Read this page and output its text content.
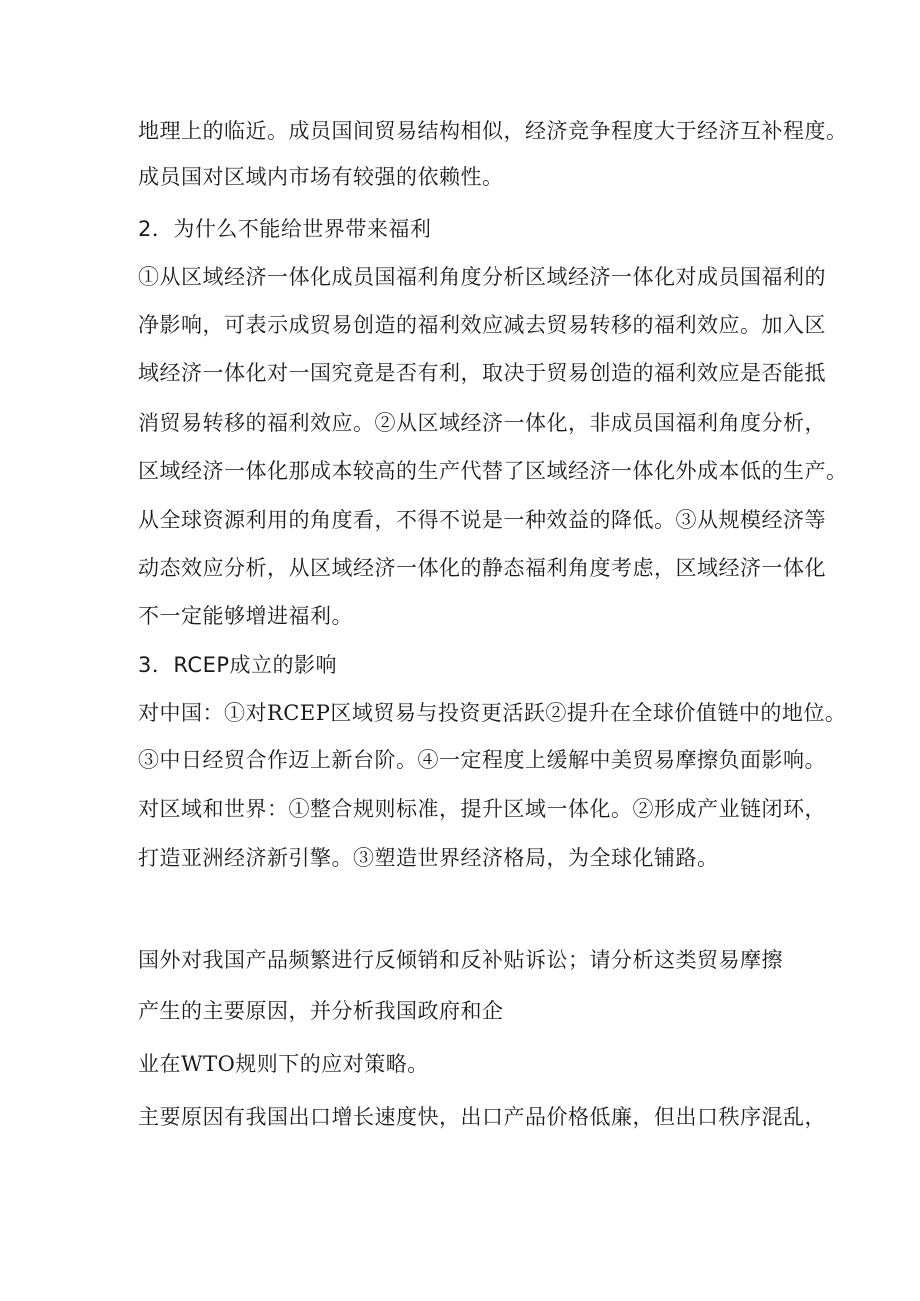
地理上的临近。成员国间贸易结构相似，经济竞争程度大于经济互补程度。
成员国对区域内市场有较强的依赖性。
2．为什么不能给世界带来福利
①从区域经济一体化成员国福利角度分析区域经济一体化对成员国福利的
净影响，可表示成贸易创造的福利效应减去贸易转移的福利效应。加入区
域经济一体化对一国究竟是否有利，取决于贸易创造的福利效应是否能抵
消贸易转移的福利效应。②从区域经济一体化，非成员国福利角度分析，
区域经济一体化那成本较高的生产代替了区域经济一体化外成本低的生产。
从全球资源利用的角度看，不得不说是一种效益的降低。③从规模经济等
动态效应分析，从区域经济一体化的静态福利角度考虑，区域经济一体化
不一定能够增进福利。
3．RCEP成立的影响
对中国：①对RCEP区域贸易与投资更活跃②提升在全球价值链中的地位。
③中日经贸合作迈上新台阶。④一定程度上缓解中美贸易摩擦负面影响。
对区域和世界：①整合规则标准，提升区域一体化。②形成产业链闭环，
打造亚洲经济新引擎。③塑造世界经济格局，为全球化铺路。
国外对我国产品频繁进行反倾销和反补贴诉讼；请分析这类贸易摩擦
产生的主要原因，并分析我国政府和企
业在WTO规则下的应对策略。
主要原因有我国出口增长速度快，出口产品价格低廉，但出口秩序混乱，
